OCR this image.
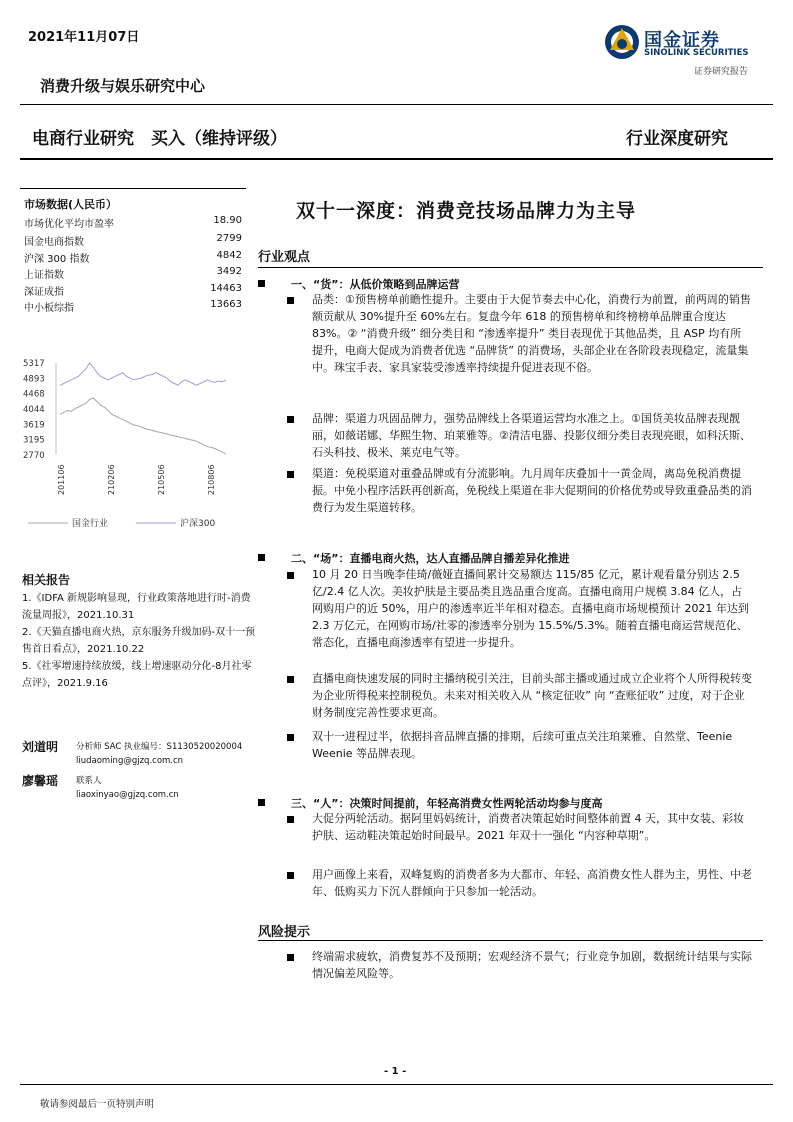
2021年11月07日	国金证券
SINOLINK SECURITIES
证券研究报告
消费升级与娱乐研究中心
电商行业研究　买入（维持评级）	行业深度研究
市场数据(人民币）
市场优化平均市盈率	18.90
国金电商指数	2799
沪深 300 指数	4842
上证指数	3492
深证成指	14463
中小板综指	13663
5317
4893
4468
4044
3619
3195
2770
201106	210206	210506	210806
国金行业	沪深300
相关报告
1.《IDFA 新规影响显现，行业政策落地进行时-消费流量周报》，2021.10.31
2.《天猫直播电商火热，京东服务升级加码-双十一预售首日看点》，2021.10.22
5.《社零增速持续放缓，线上增速驱动分化-8月社零点评》，2021.9.16
刘道明 分析师 SAC 执业编号：S1130520020004
liudaoming@gjzq.com.cn
廖馨瑶 联系人
liaoxinyao@gjzq.com.cn
双十一深度：消费竞技场品牌力为主导
行业观点
一、“货”：从低价策略到品牌运营
品类：①预售榜单前瞻性提升。主要由于大促节奏去中心化，消费行为前置，前两周的销售额贡献从 30%提升至 60%左右。复盘今年 618 的预售榜单和终榜榜单品牌重合度达 83%。② “消费升级” 细分类目和 “渗透率提升” 类目表现优于其他品类，且 ASP 均有所提升，电商大促成为消费者优选 “品牌货” 的消费场，头部企业在各阶段表现稳定，流量集中。珠宝手表、家具家装受渗透率持续提升促进表现不俗。
品牌：渠道力巩固品牌力，强势品牌线上各渠道运营均水准之上。①国货美妆品牌表现靓丽，如薇诺娜、华熙生物、珀莱雅等。②清洁电器、投影仪细分类目表现亮眼，如科沃斯、石头科技、极米、莱克电气等。
渠道：免税渠道对重叠品牌或有分流影响。九月周年庆叠加十一黄金周，离岛免税消费提振。中免小程序活跃再创新高，免税线上渠道在非大促期间的价格优势或导致重叠品类的消费行为发生渠道转移。
二、“场”：直播电商火热，达人直播品牌自播差异化推进
10 月 20 日当晚李佳琦/薇娅直播间累计交易额达 115/85 亿元，累计观看量分别达 2.5 亿/2.4 亿人次。美妆护肤是主要品类且选品重合度高。直播电商用户规模 3.84 亿人，占网购用户的近 50%，用户的渗透率近半年相对稳态。直播电商市场规模预计 2021 年达到 2.3 万亿元，在网购市场/社零的渗透率分别为 15.5%/5.3%。随着直播电商运营规范化、常态化，直播电商渗透率有望进一步提升。
直播电商快速发展的同时主播纳税引关注，目前头部主播或通过成立企业将个人所得税转变为企业所得税来控制税负。未来对相关收入从 “核定征收” 向 “查账征收” 过度，对于企业财务制度完善性要求更高。
双十一进程过半，依据抖音品牌直播的排期，后续可重点关注珀莱雅、自然堂、Teenie Weenie 等品牌表现。
三、“人”：决策时间提前，年轻高消费女性两轮活动均参与度高
大促分两轮活动。据阿里妈妈统计，消费者决策起始时间整体前置 4 天，其中女装、彩妆护肤、运动鞋决策起始时间最早。2021 年双十一强化 “内容种草期”。
用户画像上来看，双峰复购的消费者多为大都市、年轻、高消费女性人群为主，男性、中老年、低购买力下沉人群倾向于只参加一轮活动。
风险提示
终端需求疲软，消费复苏不及预期；宏观经济不景气；行业竞争加剧，数据统计结果与实际情况偏差风险等。
- 1 -
敬请参阅最后一页特别声明
